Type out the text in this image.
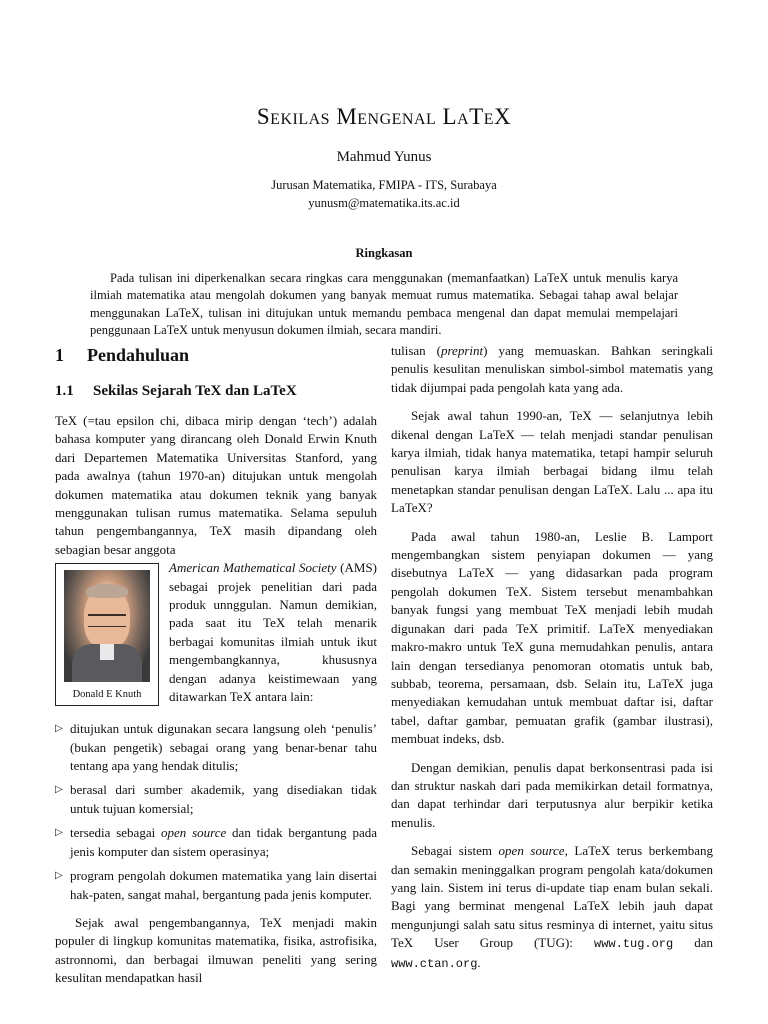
Sekilas Mengenal LaTeX
Mahmud Yunus
Jurusan Matematika, FMIPA - ITS, Surabaya
yunusm@matematika.its.ac.id
Ringkasan
Pada tulisan ini diperkenalkan secara ringkas cara menggunakan (memanfaatkan) LaTeX untuk menulis karya ilmiah matematika atau mengolah dokumen yang banyak memuat rumus matematika. Sebagai tahap awal belajar menggunakan LaTeX, tulisan ini ditujukan untuk memandu pembaca mengenal dan dapat memulai mempelajari penggunaan LaTeX untuk menyusun dokumen ilmiah, secara mandiri.
1 Pendahuluan
1.1 Sekilas Sejarah TeX dan LaTeX

TeX (=tau epsilon chi, dibaca mirip dengan ‘tech’) adalah bahasa komputer yang dirancang oleh Donald Erwin Knuth dari Departemen Matematika Universitas Stanford, yang pada awalnya (tahun 1970-an) ditujukan untuk mengolah dokumen matematika atau dokumen teknik yang banyak menggunakan tulisan rumus matematika. Selama sepuluh tahun pengembangannya, TeX masih dipandang oleh sebagian besar anggota

Donald E Knuth

American Mathematical Society (AMS) sebagai projek penelitian dari pada produk unnggulan. Namun demikian, pada saat itu TeX telah menarik berbagai komunitas ilmiah untuk ikut mengembangkannya, khususnya dengan adanya keistimewaan yang ditawarkan TeX antara lain:

▷ ditujukan untuk digunakan secara langsung oleh ‘penulis’ (bukan pengetik) sebagai orang yang benar-benar tahu tentang apa yang hendak ditulis;
▷ berasal dari sumber akademik, yang disediakan tidak untuk tujuan komersial;
▷ tersedia sebagai open source dan tidak bergantung pada jenis komputer dan sistem operasinya;
▷ program pengolah dokumen matematika yang lain disertai hak-paten, sangat mahal, bergantung pada jenis komputer.

Sejak awal pengembangannya, TeX menjadi makin populer di lingkup komunitas matematika, fisika, astrofisika, astronnomi, dan berbagai ilmuwan peneliti yang sering kesulitan mendapatkan hasil

tulisan (preprint) yang memuaskan. Bahkan seringkali penulis kesulitan menuliskan simbol-simbol matematis yang tidak dijumpai pada pengolah kata yang ada.

Sejak awal tahun 1990-an, TeX — selanjutnya lebih dikenal dengan LaTeX — telah menjadi standar penulisan karya ilmiah, tidak hanya matematika, tetapi hampir seluruh penulisan karya ilmiah berbagai bidang ilmu telah menetapkan standar penulisan dengan LaTeX. Lalu ... apa itu LaTeX?

Pada awal tahun 1980-an, Leslie B. Lamport mengembangkan sistem penyiapan dokumen — yang disebutnya LaTeX — yang didasarkan pada program pengolah dokumen TeX. Sistem tersebut menambahkan banyak fungsi yang membuat TeX menjadi lebih mudah digunakan dari pada TeX primitif. LaTeX menyediakan makro-makro untuk TeX guna memudahkan penulis, antara lain dengan tersedianya penomoran otomatis untuk bab, subbab, teorema, persamaan, dsb. Selain itu, LaTeX juga menyediakan kemudahan untuk membuat daftar isi, daftar tabel, daftar gambar, pemuatan grafik (gambar ilustrasi), membuat indeks, dsb.

Dengan demikian, penulis dapat berkonsentrasi pada isi dan struktur naskah dari pada memikirkan detail formatnya, dan dapat terhindar dari terputusnya alur berpikir ketika menulis.

Sebagai sistem open source, LaTeX terus berkembang dan semakin meninggalkan program pengolah kata/dokumen yang lain. Sistem ini terus di-update tiap enam bulan sekali. Bagi yang berminat mengenal LaTeX lebih jauh dapat mengunjungi salah satu situs resminya di internet, yaitu situs TeX User Group (TUG): www.tug.org dan www.ctan.org.
